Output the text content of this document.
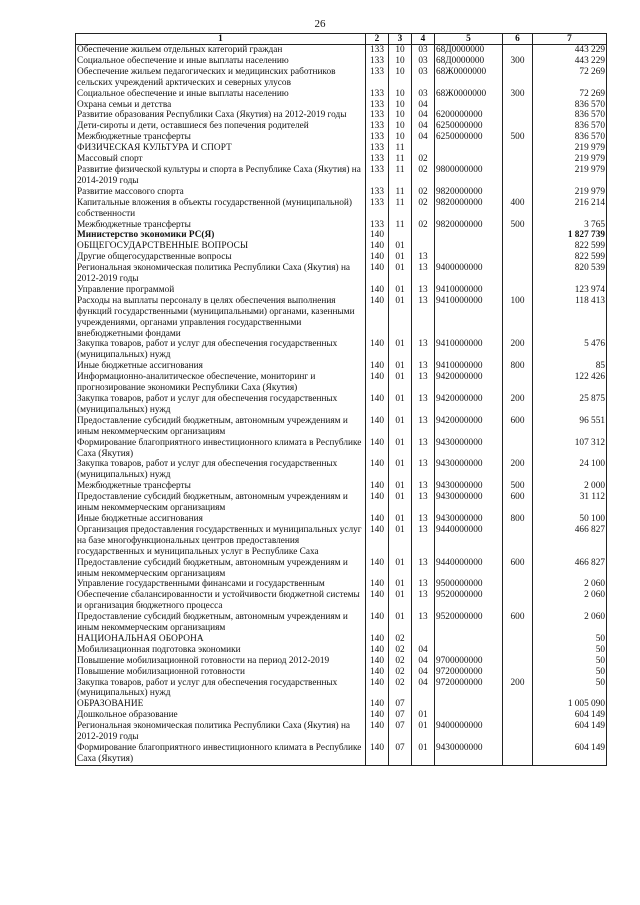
26
1	2	3	4	5	6	7
Обеспечение жильем отдельных категорий граждан	133	10	03	68Д0000000		443 229
Социальное обеспечение и иные выплаты населению	133	10	03	68Д0000000	300	443 229
Обеспечение жильем педагогических и медицинских работников сельских учреждений арктических и северных улусов	133	10	03	68Ж0000000		72 269
Социальное обеспечение и иные выплаты населению	133	10	03	68Ж0000000	300	72 269
Охрана семьи и детства	133	10	04			836 570
Развитие образования Республики Саха (Якутия) на 2012-2019 годы	133	10	04	6200000000		836 570
Дети-сироты и дети, оставшиеся без попечения родителей	133	10	04	6250000000		836 570
Межбюджетные трансферты	133	10	04	6250000000	500	836 570
ФИЗИЧЕСКАЯ КУЛЬТУРА И СПОРТ	133	11				219 979
Массовый спорт	133	11	02			219 979
Развитие физической культуры и спорта в Республике Саха (Якутия) на 2014-2019 годы	133	11	02	9800000000		219 979
Развитие массового спорта	133	11	02	9820000000		219 979
Капитальные вложения в объекты государственной (муниципальной) собственности	133	11	02	9820000000	400	216 214
Межбюджетные трансферты	133	11	02	9820000000	500	3 765
Министерство экономики РС(Я)	140					1 827 739
ОБЩЕГОСУДАРСТВЕННЫЕ ВОПРОСЫ	140	01				822 599
Другие общегосударственные вопросы	140	01	13			822 599
Региональная экономическая политика Республики Саха (Якутия) на 2012-2019 годы	140	01	13	9400000000		820 539
Управление программой	140	01	13	9410000000		123 974
Расходы на выплаты персоналу в целях обеспечения выполнения функций государственными (муниципальными) органами, казенными учреждениями, органами управления государственными внебюджетными фондами	140	01	13	9410000000	100	118 413
Закупка товаров, работ и услуг для обеспечения государственных (муниципальных) нужд	140	01	13	9410000000	200	5 476
Иные бюджетные ассигнования	140	01	13	9410000000	800	85
Информационно-аналитическое обеспечение, мониторинг и прогнозирование экономики Республики Саха (Якутия)	140	01	13	9420000000		122 426
Закупка товаров, работ и услуг для обеспечения государственных (муниципальных) нужд	140	01	13	9420000000	200	25 875
Предоставление субсидий бюджетным, автономным учреждениям и иным некоммерческим организациям	140	01	13	9420000000	600	96 551
Формирование благоприятного инвестиционного климата в Республике Саха (Якутия)	140	01	13	9430000000		107 312
Закупка товаров, работ и услуг для обеспечения государственных (муниципальных) нужд	140	01	13	9430000000	200	24 100
Межбюджетные трансферты	140	01	13	9430000000	500	2 000
Предоставление субсидий бюджетным, автономным учреждениям и иным некоммерческим организациям	140	01	13	9430000000	600	31 112
Иные бюджетные ассигнования	140	01	13	9430000000	800	50 100
Организация предоставления государственных и муниципальных услуг на базе многофункциональных центров предоставления государственных и муниципальных услуг в Республике Саха	140	01	13	9440000000		466 827
Предоставление субсидий бюджетным, автономным учреждениям и иным некоммерческим организациям	140	01	13	9440000000	600	466 827
Управление государственными финансами и государственным	140	01	13	9500000000		2 060
Обеспечение сбалансированности и устойчивости бюджетной системы и организация бюджетного процесса	140	01	13	9520000000		2 060
Предоставление субсидий бюджетным, автономным учреждениям и иным некоммерческим организациям	140	01	13	9520000000	600	2 060
НАЦИОНАЛЬНАЯ ОБОРОНА	140	02				50
Мобилизационная подготовка экономики	140	02	04			50
Повышение мобилизационной готовности на период 2012-2019	140	02	04	9700000000		50
Повышение мобилизационной готовности	140	02	04	9720000000		50
Закупка товаров, работ и услуг для обеспечения государственных (муниципальных) нужд	140	02	04	9720000000	200	50
ОБРАЗОВАНИЕ	140	07				1 005 090
Дошкольное образование	140	07	01			604 149
Региональная экономическая политика Республики Саха (Якутия) на 2012-2019 годы	140	07	01	9400000000		604 149
Формирование благоприятного инвестиционного климата в Республике Саха (Якутия)	140	07	01	9430000000		604 149
